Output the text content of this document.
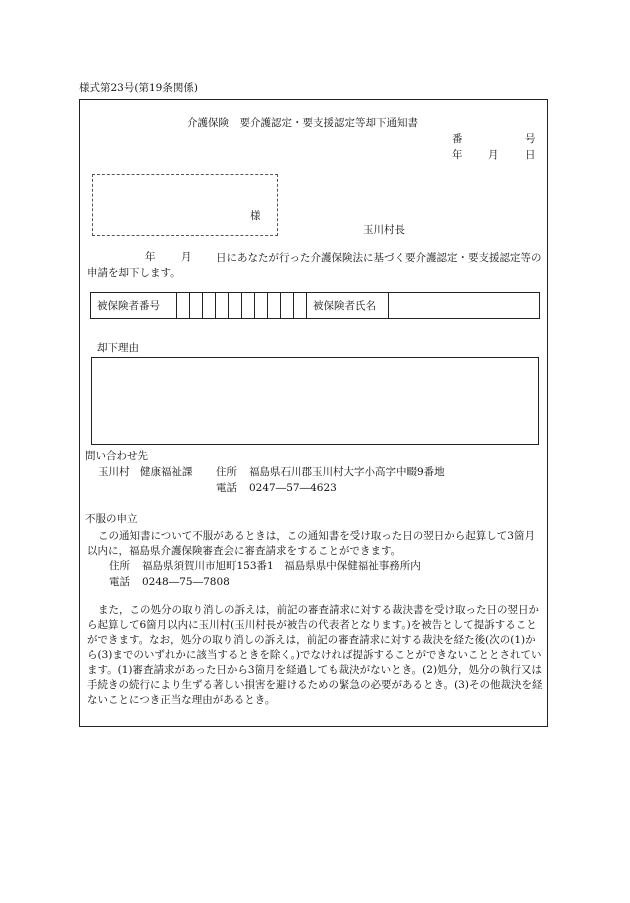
様式第23号(第19条関係)
介護保険　要介護認定・要支援認定等却下通知書
番	号
年 月	日
様
玉川村長
年 月	日にあなたが行った介護保険法に基づく要介護認定・要支援認定等の申請を却下します。
被保険者番号	被保険者氏名
却下理由
問い合わせ先
玉川村　健康福祉課 住所 福島県石川郡玉川村大字小高字中畷9番地
電話 0247―57―4623
不服の申立
この通知書について不服があるときは，この通知書を受け取った日の翌日から起算して3箇月以内に，福島県介護保険審査会に審査請求をすることができます。
住所 福島県須賀川市旭町153番1　福島県県中保健福祉事務所内
電話 0248―75―7808
また，この処分の取り消しの訴えは，前記の審査請求に対する裁決書を受け取った日の翌日から起算して6箇月以内に玉川村(玉川村長が被告の代表者となります。)を被告として提訴することができます。なお，処分の取り消しの訴えは，前記の審査請求に対する裁決を経た後(次の(1)から(3)までのいずれかに該当するときを除く。)でなければ提訴することができないこととされています。(1)審査請求があった日から3箇月を経過しても裁決がないとき。(2)処分，処分の執行又は手続きの続行により生ずる著しい損害を避けるための緊急の必要があるとき。(3)その他裁決を経ないことにつき正当な理由があるとき。
